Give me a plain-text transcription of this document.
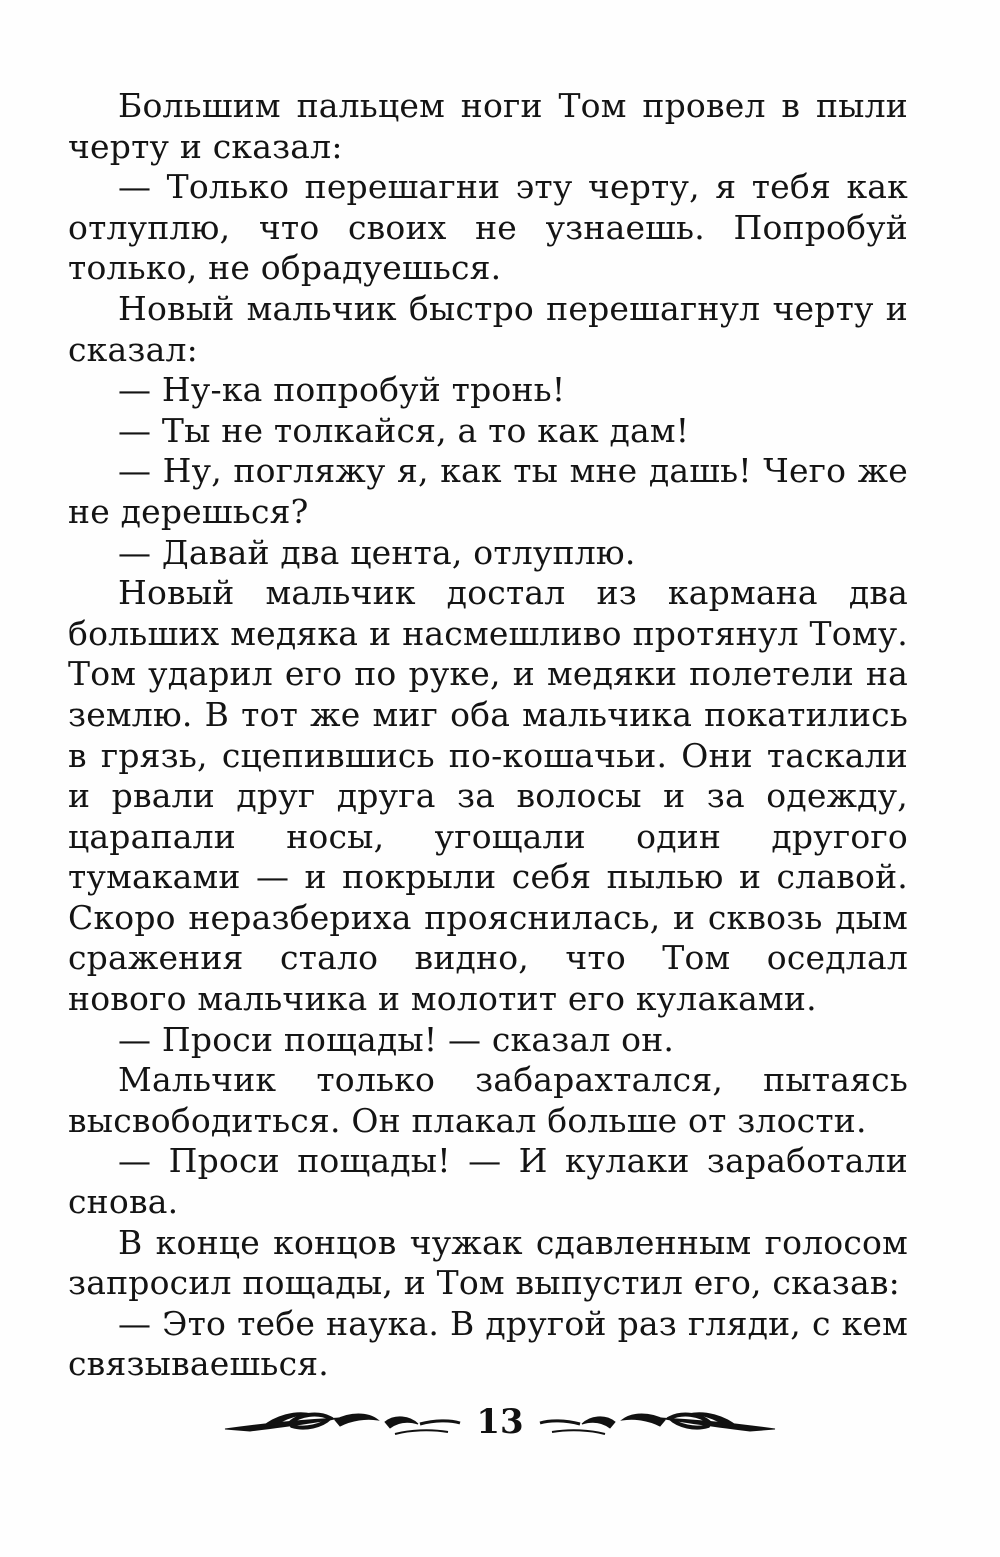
Большим пальцем ноги Том провел в пыли черту и сказал:

— Только перешагни эту черту, я тебя как отлуплю, что своих не узнаешь. Попробуй только, не обрадуешься.

Новый мальчик быстро перешагнул черту и сказал:

— Ну-ка попробуй тронь!

— Ты не толкайся, а то как дам!

— Ну, погляжу я, как ты мне дашь! Чего же не дерешься?

— Давай два цента, отлуплю.

Новый мальчик достал из кармана два больших медяка и насмешливо протянул Тому. Том ударил его по руке, и медяки полетели на землю. В тот же миг оба мальчика покатились в грязь, сцепившись по-кошачьи. Они таскали и рвали друг друга за волосы и за одежду, царапали носы, угощали один другого тумаками — и покрыли себя пылью и славой. Скоро неразбериха прояснилась, и сквозь дым сражения стало видно, что Том оседлал нового мальчика и молотит его кулаками.

— Проси пощады! — сказал он.

Мальчик только забарахтался, пытаясь высвободиться. Он плакал больше от злости.

— Проси пощады! — И кулаки заработали снова.

В конце концов чужак сдавленным голосом запросил пощады, и Том выпустил его, сказав:

— Это тебе наука. В другой раз гляди, с кем связываешься.

13
